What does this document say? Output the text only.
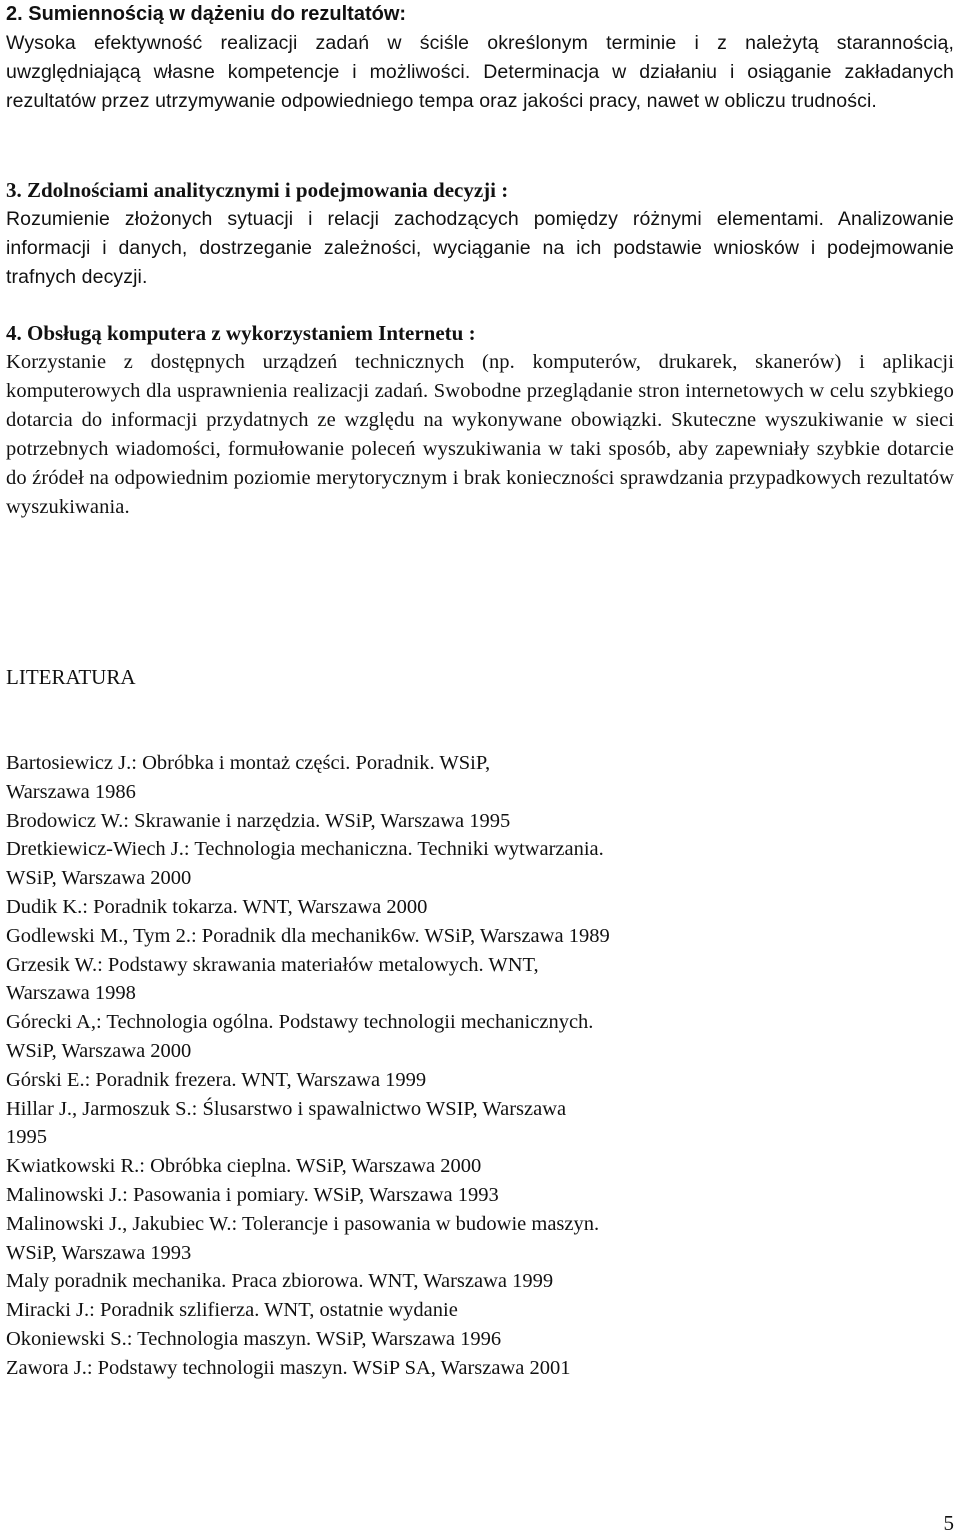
2. Sumiennością w dążeniu do rezultatów:

Wysoka efektywność realizacji zadań w ściśle określonym terminie i z należytą starannością, uwzględniającą własne kompetencje i możliwości. Determinacja w działaniu i osiąganie zakładanych rezultatów przez utrzymywanie odpowiedniego tempa oraz jakości pracy, nawet w obliczu trudności.

3. Zdolnościami analitycznymi i podejmowania decyzji :

Rozumienie złożonych sytuacji i relacji zachodzących pomiędzy różnymi elementami. Analizowanie informacji i danych, dostrzeganie zależności, wyciąganie na ich podstawie wniosków i podejmowanie trafnych decyzji.

4. Obsługą komputera z wykorzystaniem Internetu :

Korzystanie z dostępnych urządzeń technicznych (np. komputerów, drukarek, skanerów) i aplikacji komputerowych dla usprawnienia realizacji zadań. Swobodne przeglądanie stron internetowych w celu szybkiego dotarcia do informacji przydatnych ze względu na wykonywane obowiązki. Skuteczne wyszukiwanie w sieci potrzebnych wiadomości, formułowanie poleceń wyszukiwania w taki sposób, aby zapewniały szybkie dotarcie do źródeł na odpowiednim poziomie merytorycznym i brak konieczności sprawdzania przypadkowych rezultatów wyszukiwania.

LITERATURA
Bartosiewicz J.: Obróbka i montaż części. Poradnik. WSiP,
Warszawa 1986
Brodowicz W.: Skrawanie i narzędzia. WSiP, Warszawa 1995
Dretkiewicz-Wiech J.: Technologia mechaniczna. Techniki wytwarzania.
WSiP, Warszawa 2000
Dudik K.: Poradnik tokarza. WNT, Warszawa 2000
Godlewski M., Tym 2.: Poradnik dla mechanik6w. WSiP, Warszawa 1989
Grzesik W.: Podstawy skrawania materiałów metalowych. WNT,
Warszawa 1998
Górecki A,: Technologia ogólna. Podstawy technologii mechanicznych.
WSiP, Warszawa 2000
Górski E.: Poradnik frezera. WNT, Warszawa 1999
Hillar J., Jarmoszuk S.: Ślusarstwo i spawalnictwo WSIP, Warszawa
1995
Kwiatkowski R.: Obróbka cieplna. WSiP, Warszawa 2000
Malinowski J.: Pasowania i pomiary. WSiP, Warszawa 1993
Malinowski J., Jakubiec W.: Tolerancje i pasowania w budowie maszyn.
WSiP, Warszawa 1993
Maly poradnik mechanika. Praca zbiorowa. WNT, Warszawa 1999
Miracki J.: Poradnik szlifierza. WNT, ostatnie wydanie
Okoniewski S.: Technologia maszyn. WSiP, Warszawa 1996
Zawora J.: Podstawy technologii maszyn. WSiP SA, Warszawa 2001
5
